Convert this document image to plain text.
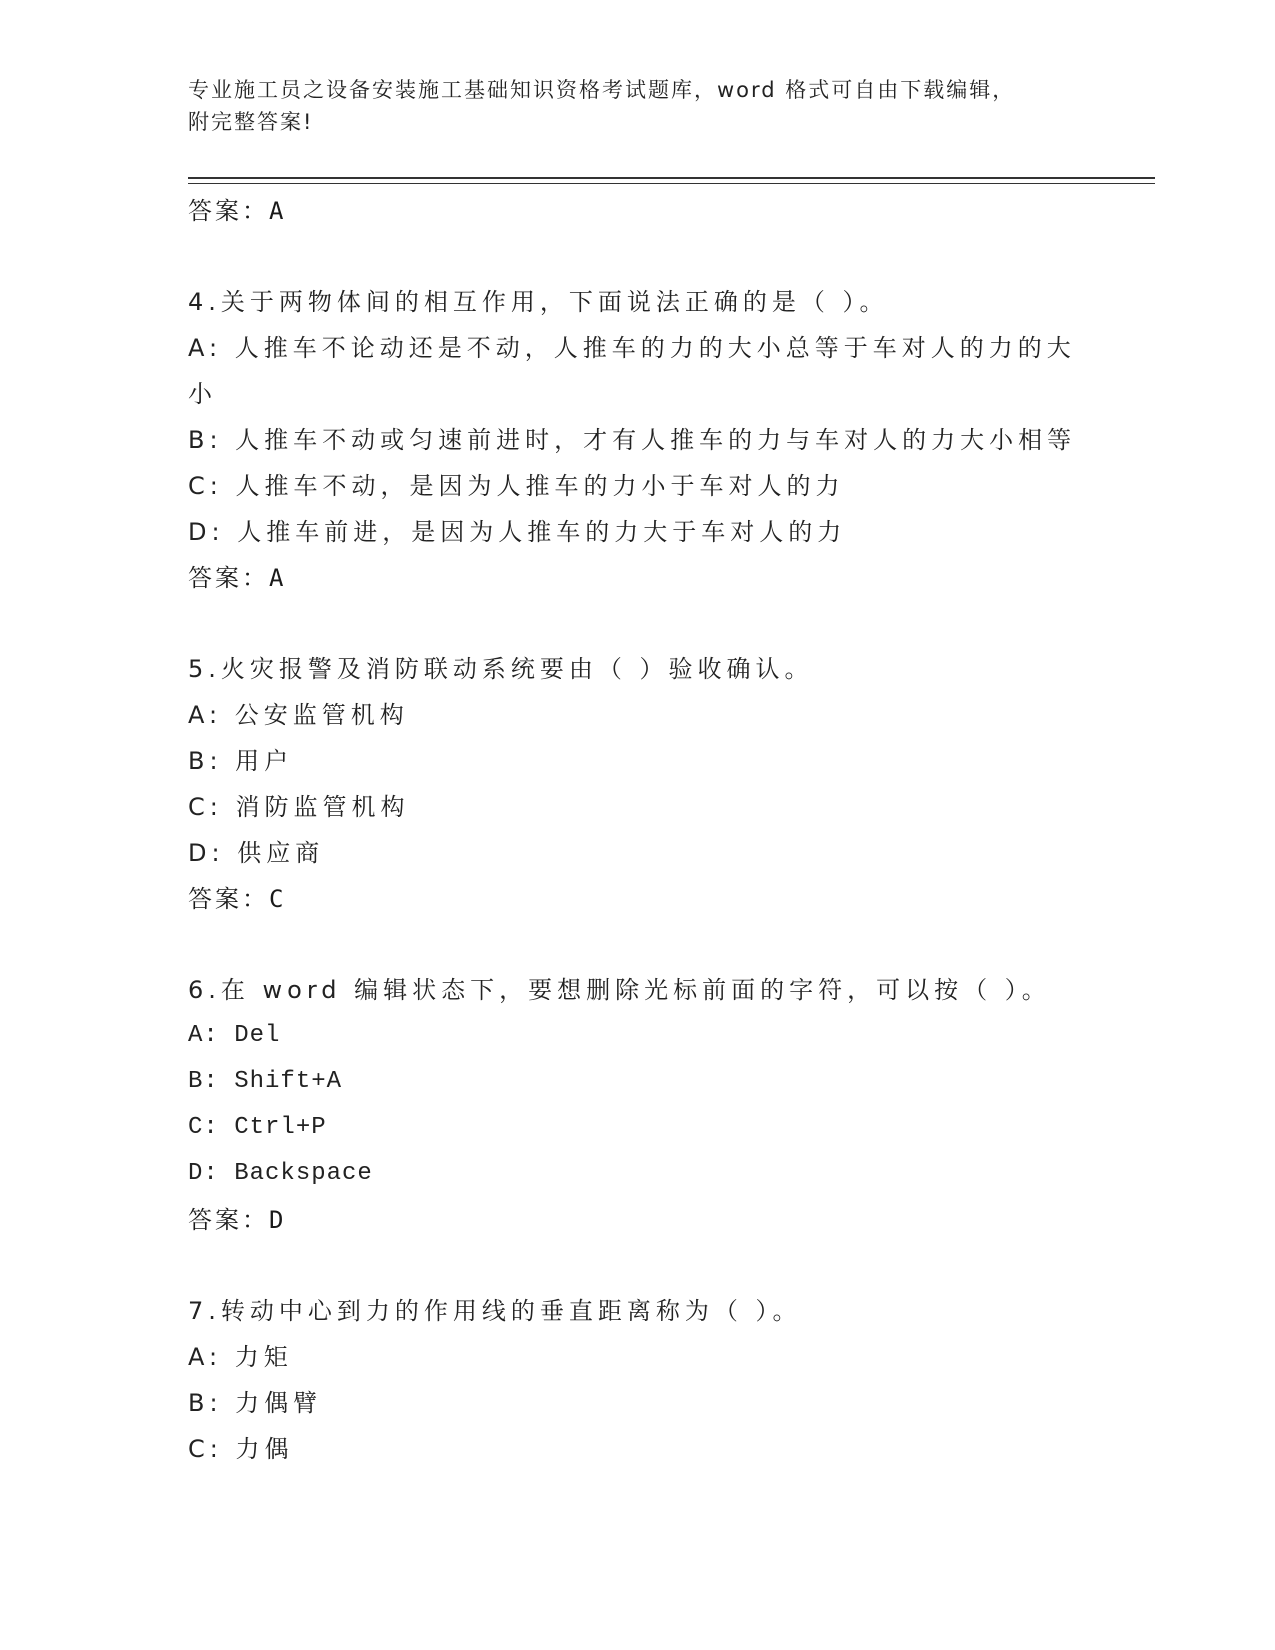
专业施工员之设备安装施工基础知识资格考试题库，word 格式可自由下载编辑，
附完整答案!
答案：A
4.关于两物体间的相互作用，下面说法正确的是（ ）。
A: 人推车不论动还是不动，人推车的力的大小总等于车对人的力的大
小
B: 人推车不动或匀速前进时，才有人推车的力与车对人的力大小相等
C: 人推车不动，是因为人推车的力小于车对人的力
D: 人推车前进，是因为人推车的力大于车对人的力
答案：A
5.火灾报警及消防联动系统要由（ ）验收确认。
A: 公安监管机构
B: 用户
C: 消防监管机构
D: 供应商
答案：C
6.在 word 编辑状态下，要想删除光标前面的字符，可以按（ ）。
A: Del
B: Shift+A
C: Ctrl+P
D: Backspace
答案：D
7.转动中心到力的作用线的垂直距离称为（ ）。
A: 力矩
B: 力偶臂
C: 力偶
